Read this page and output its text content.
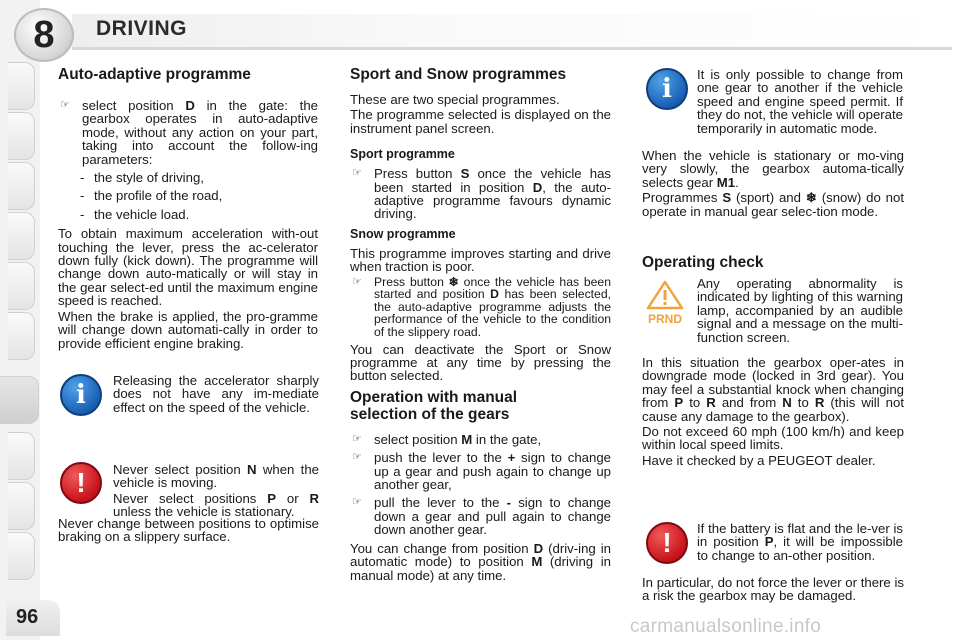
8	DRIVING
Auto-adaptive programme
☞ select position D in the gate: the gearbox operates in auto-adaptive mode, without any action on your part, taking into account the follow-ing parameters:

- the style of driving,

- the profile of the road,

- the vehicle load.

To obtain maximum acceleration with-out touching the lever, press the ac-celerator down fully (kick down). The programme will change down auto-matically or will stay in the gear select-ed until the maximum engine speed is reached.

When the brake is applied, the pro-gramme will change down automati-cally in order to provide efficient engine braking.

i	Releasing the accelerator sharply does not have any im-mediate effect on the speed of the vehicle.

!	Never select position N when the vehicle is moving.

Never select positions P or R unless the vehicle is stationary.

Never change between positions to optimise braking on a slippery surface.

Sport and Snow programmes

These are two special programmes.

The programme selected is displayed on the instrument panel screen.

Sport programme
☞ Press button S once the vehicle has been started in position D, the auto-adaptive programme favours dynamic driving.
Snow programme

This programme improves starting and drive when traction is poor.

☞ Press button ❄ once the vehicle has been started and position D has been selected, the auto-adaptive programme adjusts the performance of the vehicle to the condition of the slippery road.

You can deactivate the Sport or Snow programme at any time by pressing the button selected.

Operation with manual selection of the gears
☞ select position M in the gate,
☞ push the lever to the + sign to change up a gear and push again to change up another gear,
☞ pull the lever to the - sign to change down a gear and pull again to change down another gear.

You can change from position D (driv-ing in automatic mode) to position M (driving in manual mode) at any time.

i	It is only possible to change from one gear to another if the vehicle speed and engine speed permit. If they do not, the vehicle will operate temporarily in automatic mode.

When the vehicle is stationary or mo-ving very slowly, the gearbox automa-tically selects gear M1.

Programmes S (sport) and ❄ (snow) do not operate in manual gear selec-tion mode.

Operating check
PRND

Any operating abnormality is indicated by lighting of this warning lamp, accompanied by an audible signal and a message on the multi-function screen.

In this situation the gearbox oper-ates in downgrade mode (locked in 3rd gear). You may feel a substantial knock when changing from P to R and from N to R (this will not cause any damage to the gearbox).

Do not exceed 60 mph (100 km/h) and keep within local speed limits.

Have it checked by a PEUGEOT dealer.

!	If the battery is flat and the le-ver is in position P, it will be impossible to change to an-other position.

In particular, do not force the lever or there is a risk the gearbox may be damaged.

96	carmanualsonline.info
